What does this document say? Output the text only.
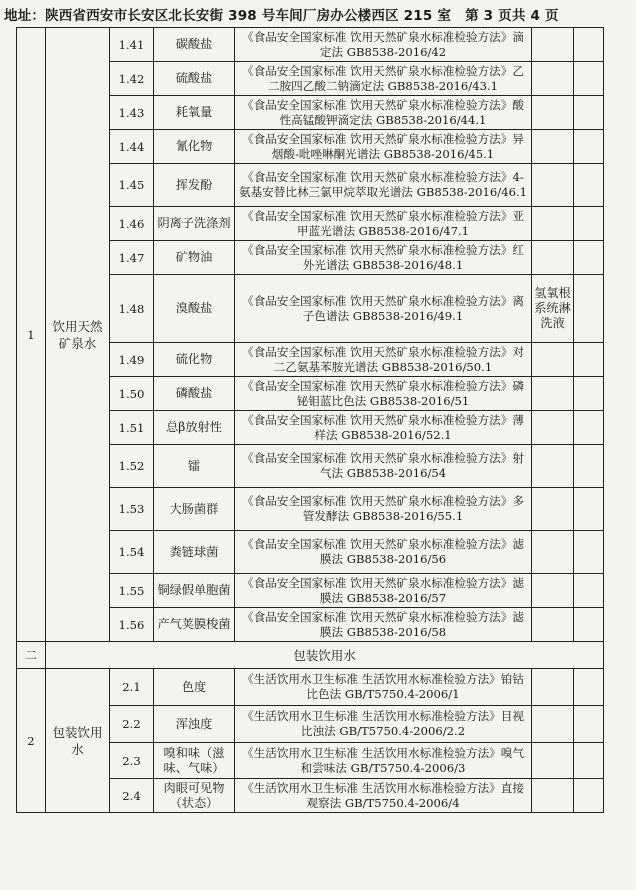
地址：陕西省西安市长安区北长安街 398 号车间厂房办公楼西区 215 室 第 3 页共 4 页
1	饮用天然矿泉水	1.41	碳酸盐	《食品安全国家标准 饮用天然矿泉水标准检验方法》滴定法 GB8538-2016/42		
		1.42	硫酸盐	《食品安全国家标准 饮用天然矿泉水标准检验方法》乙二胺四乙酸二钠滴定法 GB8538-2016/43.1		
		1.43	耗氧量	《食品安全国家标准 饮用天然矿泉水标准检验方法》酸性高锰酸钾滴定法 GB8538-2016/44.1		
		1.44	氰化物	《食品安全国家标准 饮用天然矿泉水标准检验方法》异烟酸-吡唑啉酮光谱法 GB8538-2016/45.1		
		1.45	挥发酚	《食品安全国家标准 饮用天然矿泉水标准检验方法》4-氨基安替比林三氯甲烷萃取光谱法 GB8538-2016/46.1		
		1.46	阴离子洗涤剂	《食品安全国家标准 饮用天然矿泉水标准检验方法》亚甲蓝光谱法 GB8538-2016/47.1		
		1.47	矿物油	《食品安全国家标准 饮用天然矿泉水标准检验方法》红外光谱法 GB8538-2016/48.1		
		1.48	溴酸盐	《食品安全国家标准 饮用天然矿泉水标准检验方法》离子色谱法 GB8538-2016/49.1	氢氧根系统淋洗液	
		1.49	硫化物	《食品安全国家标准 饮用天然矿泉水标准检验方法》对二乙氨基苯胺光谱法 GB8538-2016/50.1		
		1.50	磷酸盐	《食品安全国家标准 饮用天然矿泉水标准检验方法》磷铋钼蓝比色法 GB8538-2016/51		
		1.51	总β放射性	《食品安全国家标准 饮用天然矿泉水标准检验方法》薄样法 GB8538-2016/52.1		
		1.52	镭	《食品安全国家标准 饮用天然矿泉水标准检验方法》射气法 GB8538-2016/54		
		1.53	大肠菌群	《食品安全国家标准 饮用天然矿泉水标准检验方法》多管发酵法 GB8538-2016/55.1		
		1.54	粪链球菌	《食品安全国家标准 饮用天然矿泉水标准检验方法》滤膜法 GB8538-2016/56		
		1.55	铜绿假单胞菌	《食品安全国家标准 饮用天然矿泉水标准检验方法》滤膜法 GB8538-2016/57		
		1.56	产气荚膜梭菌	《食品安全国家标准 饮用天然矿泉水标准检验方法》滤膜法 GB8538-2016/58		
二	包装饮用水					
2	包装饮用水	2.1	色度	《生活饮用水卫生标准 生活饮用水标准检验方法》铂钴比色法 GB/T5750.4-2006/1		
		2.2	浑浊度	《生活饮用水卫生标准 生活饮用水标准检验方法》目视比浊法 GB/T5750.4-2006/2.2		
		2.3	嗅和味（滋味、气味）	《生活饮用水卫生标准 生活饮用水标准检验方法》嗅气和尝味法 GB/T5750.4-2006/3		
		2.4	肉眼可见物（状态）	《生活饮用水卫生标准 生活饮用水标准检验方法》直接观察法 GB/T5750.4-2006/4		
